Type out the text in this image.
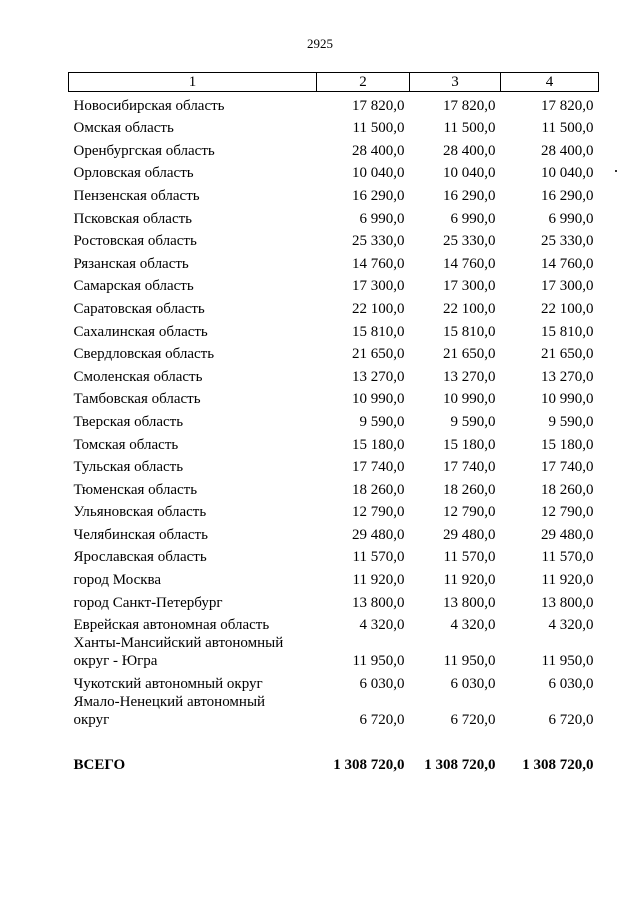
2925
1	2	3	4
Новосибирская область	17 820,0	17 820,0	17 820,0
Омская область	11 500,0	11 500,0	11 500,0
Оренбургская область	28 400,0	28 400,0	28 400,0
Орловская область	10 040,0	10 040,0	10 040,0
Пензенская область	16 290,0	16 290,0	16 290,0
Псковская область	6 990,0	6 990,0	6 990,0
Ростовская область	25 330,0	25 330,0	25 330,0
Рязанская область	14 760,0	14 760,0	14 760,0
Самарская область	17 300,0	17 300,0	17 300,0
Саратовская область	22 100,0	22 100,0	22 100,0
Сахалинская область	15 810,0	15 810,0	15 810,0
Свердловская область	21 650,0	21 650,0	21 650,0
Смоленская область	13 270,0	13 270,0	13 270,0
Тамбовская область	10 990,0	10 990,0	10 990,0
Тверская область	9 590,0	9 590,0	9 590,0
Томская область	15 180,0	15 180,0	15 180,0
Тульская область	17 740,0	17 740,0	17 740,0
Тюменская область	18 260,0	18 260,0	18 260,0
Ульяновская область	12 790,0	12 790,0	12 790,0
Челябинская область	29 480,0	29 480,0	29 480,0
Ярославская область	11 570,0	11 570,0	11 570,0
город Москва	11 920,0	11 920,0	11 920,0
город Санкт-Петербург	13 800,0	13 800,0	13 800,0
Еврейская автономная область	4 320,0	4 320,0	4 320,0
Ханты-Мансийский автономный
округ - Югра	11 950,0	11 950,0	11 950,0
Чукотский автономный округ	6 030,0	6 030,0	6 030,0
Ямало-Ненецкий автономный
округ	6 720,0	6 720,0	6 720,0

ВСЕГО	1 308 720,0	1 308 720,0	1 308 720,0
